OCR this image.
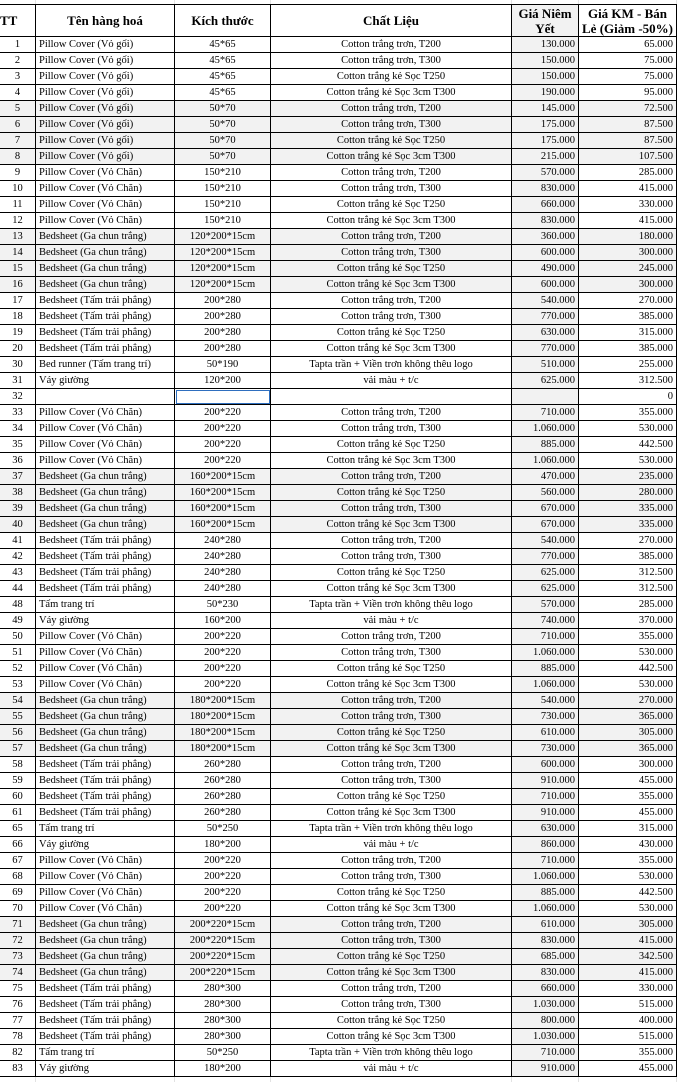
TT	Tên hàng hoá	Kích thước	Chất Liệu	Giá Niêm Yết	Giá KM - Bán Lẻ (Giảm -50%)
1	Pillow Cover (Vỏ gối)	45*65	Cotton trắng trơn, T200	130.000	65.000
2	Pillow Cover (Vỏ gối)	45*65	Cotton trắng trơn, T300	150.000	75.000
3	Pillow Cover (Vỏ gối)	45*65	Cotton trắng kẻ Sọc T250	150.000	75.000
4	Pillow Cover (Vỏ gối)	45*65	Cotton trắng kẻ Sọc 3cm T300	190.000	95.000
5	Pillow Cover (Vỏ gối)	50*70	Cotton trắng trơn, T200	145.000	72.500
6	Pillow Cover (Vỏ gối)	50*70	Cotton trắng trơn, T300	175.000	87.500
7	Pillow Cover (Vỏ gối)	50*70	Cotton trắng kẻ Sọc T250	175.000	87.500
8	Pillow Cover (Vỏ gối)	50*70	Cotton trắng kẻ Sọc 3cm T300	215.000	107.500
9	Pillow Cover (Vỏ Chăn)	150*210	Cotton trắng trơn, T200	570.000	285.000
10	Pillow Cover (Vỏ Chăn)	150*210	Cotton trắng trơn, T300	830.000	415.000
11	Pillow Cover (Vỏ Chăn)	150*210	Cotton trắng kẻ Sọc T250	660.000	330.000
12	Pillow Cover (Vỏ Chăn)	150*210	Cotton trắng kẻ Sọc 3cm T300	830.000	415.000
13	Bedsheet (Ga chun trắng)	120*200*15cm	Cotton trắng trơn, T200	360.000	180.000
14	Bedsheet (Ga chun trắng)	120*200*15cm	Cotton trắng trơn, T300	600.000	300.000
15	Bedsheet (Ga chun trắng)	120*200*15cm	Cotton trắng kẻ Sọc T250	490.000	245.000
16	Bedsheet (Ga chun trắng)	120*200*15cm	Cotton trắng kẻ Sọc 3cm T300	600.000	300.000
17	Bedsheet (Tấm trải phẳng)	200*280	Cotton trắng trơn, T200	540.000	270.000
18	Bedsheet (Tấm trải phẳng)	200*280	Cotton trắng trơn, T300	770.000	385.000
19	Bedsheet (Tấm trải phẳng)	200*280	Cotton trắng kẻ Sọc T250	630.000	315.000
20	Bedsheet (Tấm trải phẳng)	200*280	Cotton trắng kẻ Sọc 3cm T300	770.000	385.000
30	Bed runner (Tấm trang trí)	50*190	Tapta trần + Viền trơn không thêu logo	510.000	255.000
31	Váy giường	120*200	vải màu + t/c	625.000	312.500
32					0
33	Pillow Cover (Vỏ Chăn)	200*220	Cotton trắng trơn, T200	710.000	355.000
34	Pillow Cover (Vỏ Chăn)	200*220	Cotton trắng trơn, T300	1.060.000	530.000
35	Pillow Cover (Vỏ Chăn)	200*220	Cotton trắng kẻ Sọc T250	885.000	442.500
36	Pillow Cover (Vỏ Chăn)	200*220	Cotton trắng kẻ Sọc 3cm T300	1.060.000	530.000
37	Bedsheet (Ga chun trắng)	160*200*15cm	Cotton trắng trơn, T200	470.000	235.000
38	Bedsheet (Ga chun trắng)	160*200*15cm	Cotton trắng kẻ Sọc T250	560.000	280.000
39	Bedsheet (Ga chun trắng)	160*200*15cm	Cotton trắng trơn, T300	670.000	335.000
40	Bedsheet (Ga chun trắng)	160*200*15cm	Cotton trắng kẻ Sọc 3cm T300	670.000	335.000
41	Bedsheet (Tấm trải phẳng)	240*280	Cotton trắng trơn, T200	540.000	270.000
42	Bedsheet (Tấm trải phẳng)	240*280	Cotton trắng trơn, T300	770.000	385.000
43	Bedsheet (Tấm trải phẳng)	240*280	Cotton trắng kẻ Sọc T250	625.000	312.500
44	Bedsheet (Tấm trải phẳng)	240*280	Cotton trắng kẻ Sọc 3cm T300	625.000	312.500
48	Tấm trang trí	50*230	Tapta trần + Viền trơn không thêu logo	570.000	285.000
49	Váy giường	160*200	vải màu + t/c	740.000	370.000
50	Pillow Cover (Vỏ Chăn)	200*220	Cotton trắng trơn, T200	710.000	355.000
51	Pillow Cover (Vỏ Chăn)	200*220	Cotton trắng trơn, T300	1.060.000	530.000
52	Pillow Cover (Vỏ Chăn)	200*220	Cotton trắng kẻ Sọc T250	885.000	442.500
53	Pillow Cover (Vỏ Chăn)	200*220	Cotton trắng kẻ Sọc 3cm T300	1.060.000	530.000
54	Bedsheet (Ga chun trắng)	180*200*15cm	Cotton trắng trơn, T200	540.000	270.000
55	Bedsheet (Ga chun trắng)	180*200*15cm	Cotton trắng trơn, T300	730.000	365.000
56	Bedsheet (Ga chun trắng)	180*200*15cm	Cotton trắng kẻ Sọc T250	610.000	305.000
57	Bedsheet (Ga chun trắng)	180*200*15cm	Cotton trắng kẻ Sọc 3cm T300	730.000	365.000
58	Bedsheet (Tấm trải phẳng)	260*280	Cotton trắng trơn, T200	600.000	300.000
59	Bedsheet (Tấm trải phẳng)	260*280	Cotton trắng trơn, T300	910.000	455.000
60	Bedsheet (Tấm trải phẳng)	260*280	Cotton trắng kẻ Sọc T250	710.000	355.000
61	Bedsheet (Tấm trải phẳng)	260*280	Cotton trắng kẻ Sọc 3cm T300	910.000	455.000
65	Tấm trang trí	50*250	Tapta trần + Viền trơn không thêu logo	630.000	315.000
66	Váy giường	180*200	vải màu + t/c	860.000	430.000
67	Pillow Cover (Vỏ Chăn)	200*220	Cotton trắng trơn, T200	710.000	355.000
68	Pillow Cover (Vỏ Chăn)	200*220	Cotton trắng trơn, T300	1.060.000	530.000
69	Pillow Cover (Vỏ Chăn)	200*220	Cotton trắng kẻ Sọc T250	885.000	442.500
70	Pillow Cover (Vỏ Chăn)	200*220	Cotton trắng kẻ Sọc 3cm T300	1.060.000	530.000
71	Bedsheet (Ga chun trắng)	200*220*15cm	Cotton trắng trơn, T200	610.000	305.000
72	Bedsheet (Ga chun trắng)	200*220*15cm	Cotton trắng trơn, T300	830.000	415.000
73	Bedsheet (Ga chun trắng)	200*220*15cm	Cotton trắng kẻ Sọc T250	685.000	342.500
74	Bedsheet (Ga chun trắng)	200*220*15cm	Cotton trắng kẻ Sọc 3cm T300	830.000	415.000
75	Bedsheet (Tấm trải phẳng)	280*300	Cotton trắng trơn, T200	660.000	330.000
76	Bedsheet (Tấm trải phẳng)	280*300	Cotton trắng trơn, T300	1.030.000	515.000
77	Bedsheet (Tấm trải phẳng)	280*300	Cotton trắng kẻ Sọc T250	800.000	400.000
78	Bedsheet (Tấm trải phẳng)	280*300	Cotton trắng kẻ Sọc 3cm T300	1.030.000	515.000
82	Tấm trang trí	50*250	Tapta trần + Viền trơn không thêu logo	710.000	355.000
83	Váy giường	180*200	vải màu + t/c	910.000	455.000
